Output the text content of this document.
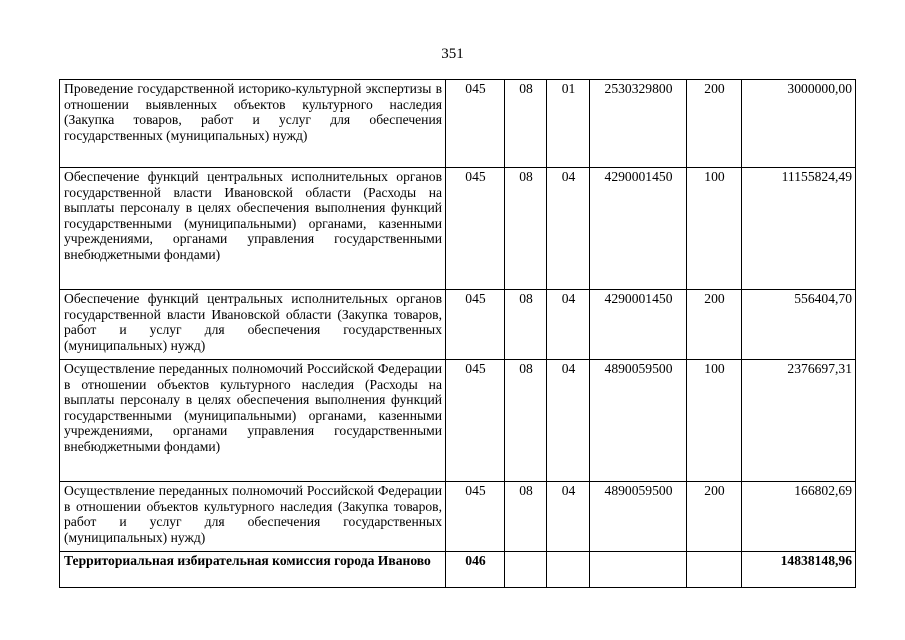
351
Проведение государственной историко-культурной экспертизы в отношении выявленных объектов культурного наследия (Закупка товаров, работ и услуг для обеспечения государственных (муниципальных) нужд)	045	08	01	2530329800	200	3000000,00
Обеспечение функций центральных исполнительных органов государственной власти Ивановской области (Расходы на выплаты персоналу в целях обеспечения выполнения функций государственными (муниципальными) органами, казенными учреждениями, органами управления государственными внебюджетными фондами)	045	08	04	4290001450	100	11155824,49
Обеспечение функций центральных исполнительных органов государственной власти Ивановской области (Закупка товаров, работ и услуг для обеспечения государственных (муниципальных) нужд)	045	08	04	4290001450	200	556404,70
Осуществление переданных полномочий Российской Федерации в отношении объектов культурного наследия (Расходы на выплаты персоналу в целях обеспечения выполнения функций государственными (муниципальными) органами, казенными учреждениями, органами управления государственными внебюджетными фондами)	045	08	04	4890059500	100	2376697,31
Осуществление переданных полномочий Российской Федерации в отношении объектов культурного наследия (Закупка товаров, работ и услуг для обеспечения государственных (муниципальных) нужд)	045	08	04	4890059500	200	166802,69
Территориальная избирательная комиссия города Иваново	046					14838148,96
